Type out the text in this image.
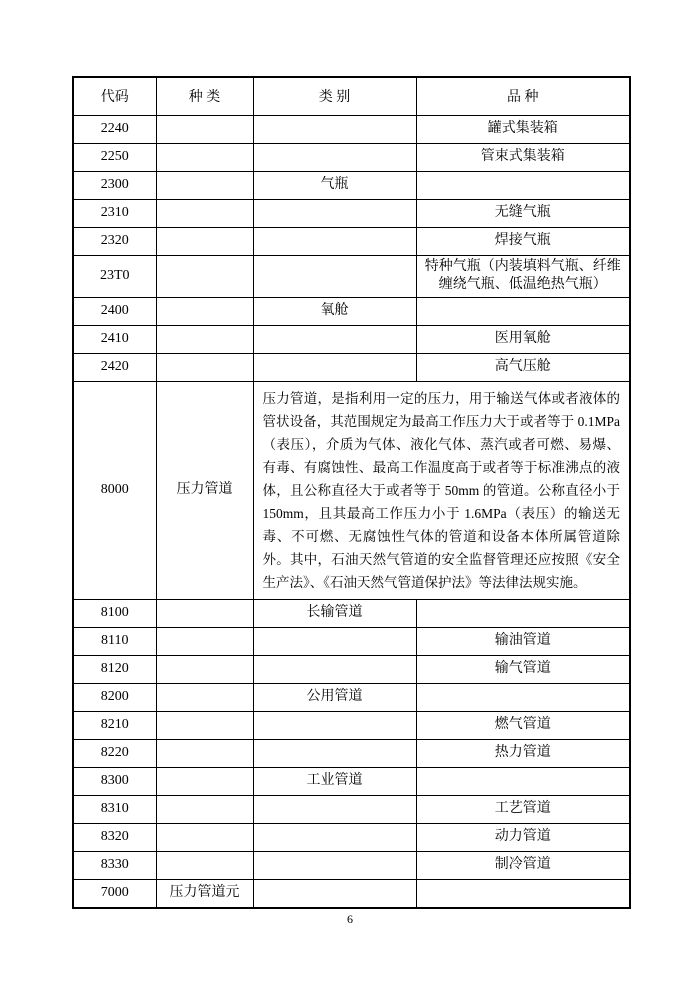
代码	种 类	类 别	品 种
2240			罐式集装箱
2250			管束式集装箱
2300		气瓶	
2310			无缝气瓶
2320			焊接气瓶
23T0			特种气瓶（内装填料气瓶、纤维缠绕气瓶、低温绝热气瓶）
2400		氧舱	
2410			医用氧舱
2420			高气压舱
8000	压力管道	压力管道，是指利用一定的压力，用于输送气体或者液体的管状设备，其范围规定为最高工作压力大于或者等于 0.1MPa（表压），介质为气体、液化气体、蒸汽或者可燃、易爆、有毒、有腐蚀性、最高工作温度高于或者等于标准沸点的液体，且公称直径大于或者等于 50mm 的管道。公称直径小于 150mm，且其最高工作压力小于 1.6MPa（表压）的输送无毒、不可燃、无腐蚀性气体的管道和设备本体所属管道除外。其中，石油天然气管道的安全监督管理还应按照《安全生产法》、《石油天然气管道保护法》等法律法规实施。	
8100		长输管道	
8110			输油管道
8120			输气管道
8200		公用管道	
8210			燃气管道
8220			热力管道
8300		工业管道	
8310			工艺管道
8320			动力管道
8330			制冷管道
7000	压力管道元		
6
